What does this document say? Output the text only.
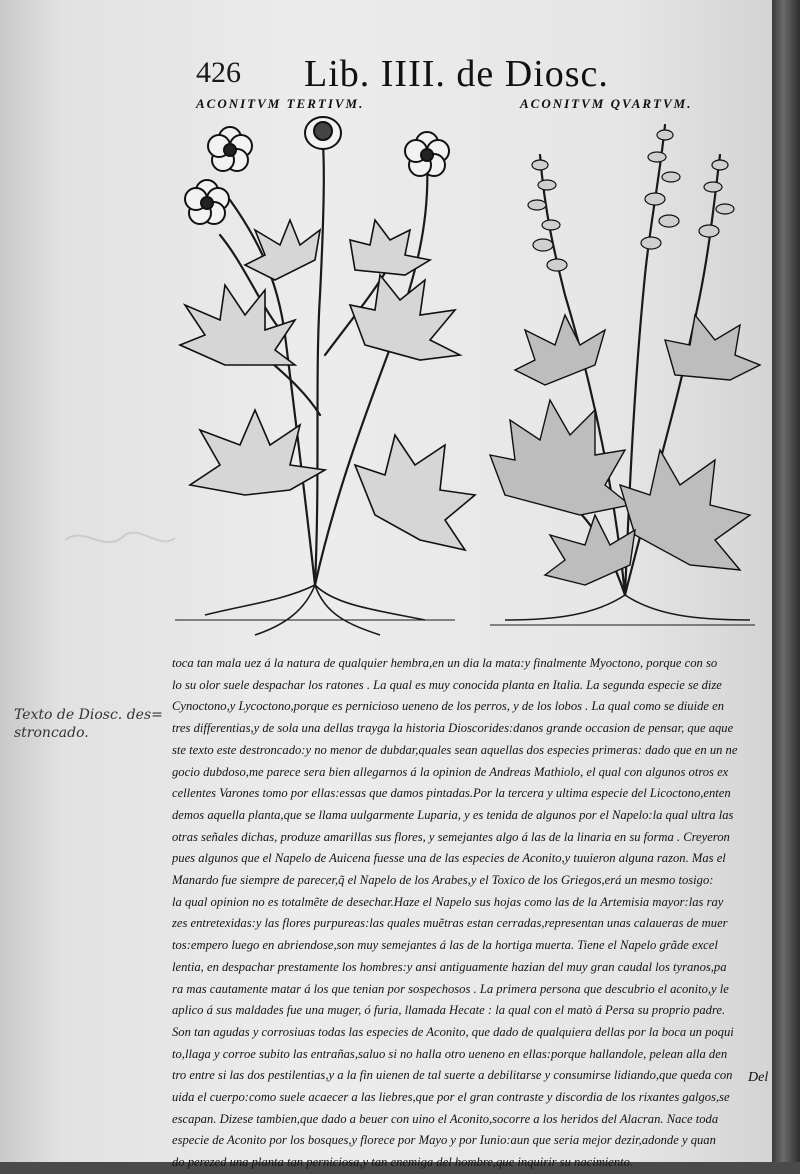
426 Lib. IIII. de Diosc.
ACONITVM TERTIVM.	ACONITVM QVARTVM.
Texto de Diosc. des=
stroncado.
toca tan mala uez á la natura de qualquier hembra,en un dia la mata:y finalmente Myoctono, porque con so
lo su olor suele despachar los ratones . La qual es muy conocida planta en Italia. La segunda especie se dize
Cynoctono,y Lycoctono,porque es pernicioso ueneno de los perros, y de los lobos . La qual como se diuide en
tres differentias,y de sola una dellas trayga la historia Dioscorides:danos grande occasion de pensar, que aque
ste texto este destroncado:y no menor de dubdar,quales sean aquellas dos especies primeras: dado que en un ne
gocio dubdoso,me parece sera bien allegarnos á la opinion de Andreas Mathiolo, el qual con algunos otros ex
cellentes Varones tomo por ellas:essas que damos pintadas.Por la tercera y ultima especie del Licoctono,enten
demos aquella planta,que se llama uulgarmente Luparia, y es tenida de algunos por el Napelo:la qual ultra las
otras señales dichas, produze amarillas sus flores, y semejantes algo á las de la linaria en su forma . Creyeron
pues algunos que el Napelo de Auicena fuesse una de las especies de Aconito,y tuuieron alguna razon. Mas el
Manardo fue siempre de parecer,q̃ el Napelo de los Arabes,y el Toxico de los Griegos,erá un mesmo tosigo:
la qual opinion no es totalmẽte de desechar.Haze el Napelo sus hojas como las de la Artemisia mayor:las ray
zes entretexidas:y las flores purpureas:las quales muẽtras estan cerradas,representan unas calaueras de muer
tos:empero luego en abriendose,son muy semejantes á las de la hortiga muerta. Tiene el Napelo grãde excel
lentia, en despachar prestamente los hombres:y ansi antiguamente hazian del muy gran caudal los tyranos,pa
ra mas cautamente matar á los que tenian por sospechosos . La primera persona que descubrio el aconito,y le
aplico á sus maldades fue una muger, ó furia, llamada Hecate : la qual con el matò á Persa su proprio padre.
Son tan agudas y corrosiuas todas las especies de Aconito, que dado de qualquiera dellas por la boca un poqui
to,llaga y corroe subito las entrañas,saluo si no halla otro ueneno en ellas:porque hallandole, pelean alla den
tro entre si las dos pestilentias,y a la fin uienen de tal suerte a debilitarse y consumirse lidiando,que queda con
uida el cuerpo:como suele acaecer a las liebres,que por el gran contraste y discordia de los rixantes galgos,se
escapan. Dizese tambien,que dado a beuer con uino el Aconito,socorre a los heridos del Alacran. Nace toda
especie de Aconito por los bosques,y florece por Mayo y por Iunio:aun que seria mejor dezir,adonde y quan
do perezed una planta tan perniciosa,y tan enemiga del hombre,que inquirir su nacimiento.
Del
